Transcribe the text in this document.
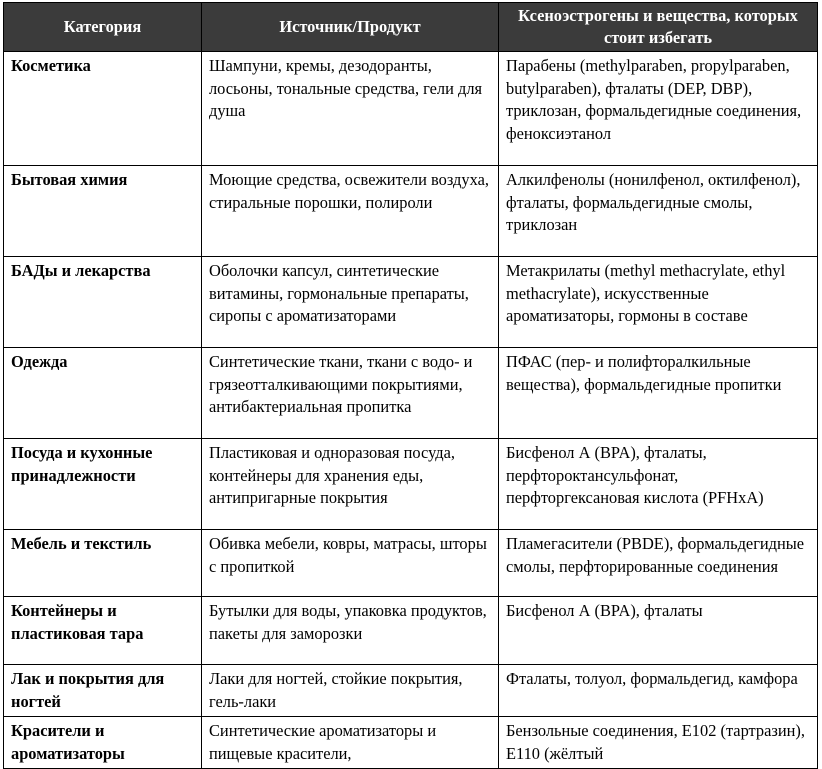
Категория	Источник/Продукт	Ксеноэстрогены и вещества, которых стоит избегать
Косметика	Шампуни, кремы, дезодоранты, лосьоны, тональные средства, гели для душа	Парабены (methylparaben, propylparaben, butylparaben), фталаты (DEP, DBP), триклозан, формальдегидные соединения, феноксиэтанол
Бытовая химия	Моющие средства, освежители воздуха, стиральные порошки, полироли	Алкилфенолы (нонилфенол, октилфенол), фталаты, формальдегидные смолы, триклозан
БАДы и лекарства	Оболочки капсул, синтетические витамины, гормональные препараты, сиропы с ароматизаторами	Метакрилаты (methyl methacrylate, ethyl methacrylate), искусственные ароматизаторы, гормоны в составе
Одежда	Синтетические ткани, ткани с водо- и грязеотталкивающими покрытиями, антибактериальная пропитка	ПФАС (пер- и полифторалкильные вещества), формальдегидные пропитки
Посуда и кухонные принадлежности	Пластиковая и одноразовая посуда, контейнеры для хранения еды, антипригарные покрытия	Бисфенол А (BPA), фталаты, перфтороктансульфонат, перфторгексановая кислота (PFHxA)
Мебель и текстиль	Обивка мебели, ковры, матрасы, шторы с пропиткой	Пламегасители (PBDE), формальдегидные смолы, перфторированные соединения
Контейнеры и пластиковая тара	Бутылки для воды, упаковка продуктов, пакеты для заморозки	Бисфенол А (BPA), фталаты
Лак и покрытия для ногтей	Лаки для ногтей, стойкие покрытия, гель-лаки	Фталаты, толуол, формальдегид, камфора
Красители и ароматизаторы	Синтетические ароматизаторы и пищевые красители,	Бензольные соединения, E102 (тартразин), E110 (жёлтый
